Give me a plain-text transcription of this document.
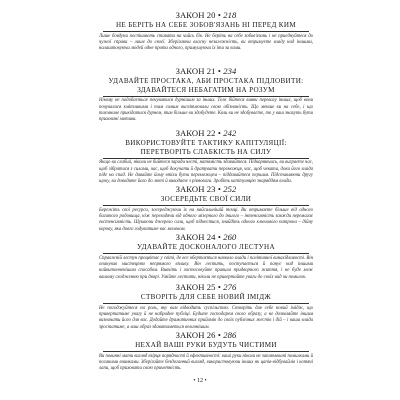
ЗАКОН 20 • 218
НЕ БЕРІТЬ НА СЕБЕ ЗОБОВ'ЯЗАНЬ НІ ПЕРЕД КИМ
Лише бовдуни поспішають ставати на чийсь бік. Не беріть на себе зобов'язань і не приєднуйтеся до чужої справи – лише до своєї. Зберігаючи власну незалежність, ви отримуєте владу над іншими, налаштовуючи людей одне проти одного, примушуючи їх іти за вами.
ЗАКОН 21 • 234
УДАВАЙТЕ ПРОСТАКА, АБИ ПРОСТАКА ПІДЛОВИТИ: ЗДАВАЙТЕСЯ НЕБАГАТИМ НА РОЗУМ
Нікому не подобається почуватися дурнішим за інших. Тож бійтеся вияви перевагу інших, щоб вони почувалися кмітливими і тим самим висвітлювали свою обізнаність. Що менше ви на себе, і що таємниче прикідатися дурнем, тим більше ви здобудете. Коли ви не здобуваєте, то у ваш знахуть бути приховані мотиви.
ЗАКОН 22 • 242
ВИКОРИСТОВУЙТЕ ТАКТИКУ КАПІТУЛЯЦІЇ: ПЕРЕТВОРІТЬ СЛАБКІСТЬ НА СИЛУ
Якщо ви слабші, ніколи не бийтеся заради честі, натомість здавайтеся. Підкоряючись, ви виграєте час, щоб зібратися з силами, час, щоб докучати й дратувати переможця, час, щоб чекати, доки його влада піде на спад. Не давайте йому втіхи бути переможцем – піддавайтеся першим. Підставляючи другу щоку, ви доводите його до люті й виводите з рівноваги. Зробіть капітуляцію знаряддям влади.
ЗАКОН 23 • 252
ЗОСЕРЕДЬТЕ СВОЇ СИЛИ
Бережіть свої ресурси, зосереджуючи їх на найсильнішій точці. Ви отримаєте більше від одного багатого родовища, ніж переходячи від одного мізерного до іншого – інтенсивність завжди перемагає екстенсивність. Шукаючи джерело сили, щоб піднестися, знайдіть одного ключового патрона – дійну корову, яка довго годуватиме вас молоком.
ЗАКОН 24 • 260
УДАВАЙТЕ ДОСКОНАЛОГО ЛЕСТУНА
Справжній лестун процвітає у світі, де все обертається навколо влади і політичної винахідливості. Він опанував мистецтво непрямого впливу. Він лестить, поступається й панує над іншими найвитонченішим способом. Вивчіть і застосовуйте правила придворного життя, і не буде меж вашому сходженню при дворі. Умійте лестити, ніколи не привертайте уваги до своїх вад чи помилок.
ЗАКОН 25 • 276
СТВОРІТЬ ДЛЯ СЕБЕ НОВИЙ ІМІДЖ
Не погоджуйтеся на роль, яку вам відводить суспільство. Створіть для себе новий імідж, що привертатиме увагу й не набридне публіці. Будьте господарем свого образу, а не дозволяйте іншим визначати його для вас. Додайте драматичних прийомів до своїх публічних жестів і дій – і ваша влада зростатиме, а ваш образ здаватиметься величнішим.
ЗАКОН 26 • 286
НЕХАЙ ВАШІ РУКИ БУДУТЬ ЧИСТИМИ
Ви повинні мати вигляд взірця порядності й ефективності: ваші руки ніколи не заплямовані помилками й поганими вчинками. Зберігайте бездоганний вигляд, використовуючи інших як цапів-відбувайлів і котячі лапи, щоб приховати свою причетність.
• 12 •
